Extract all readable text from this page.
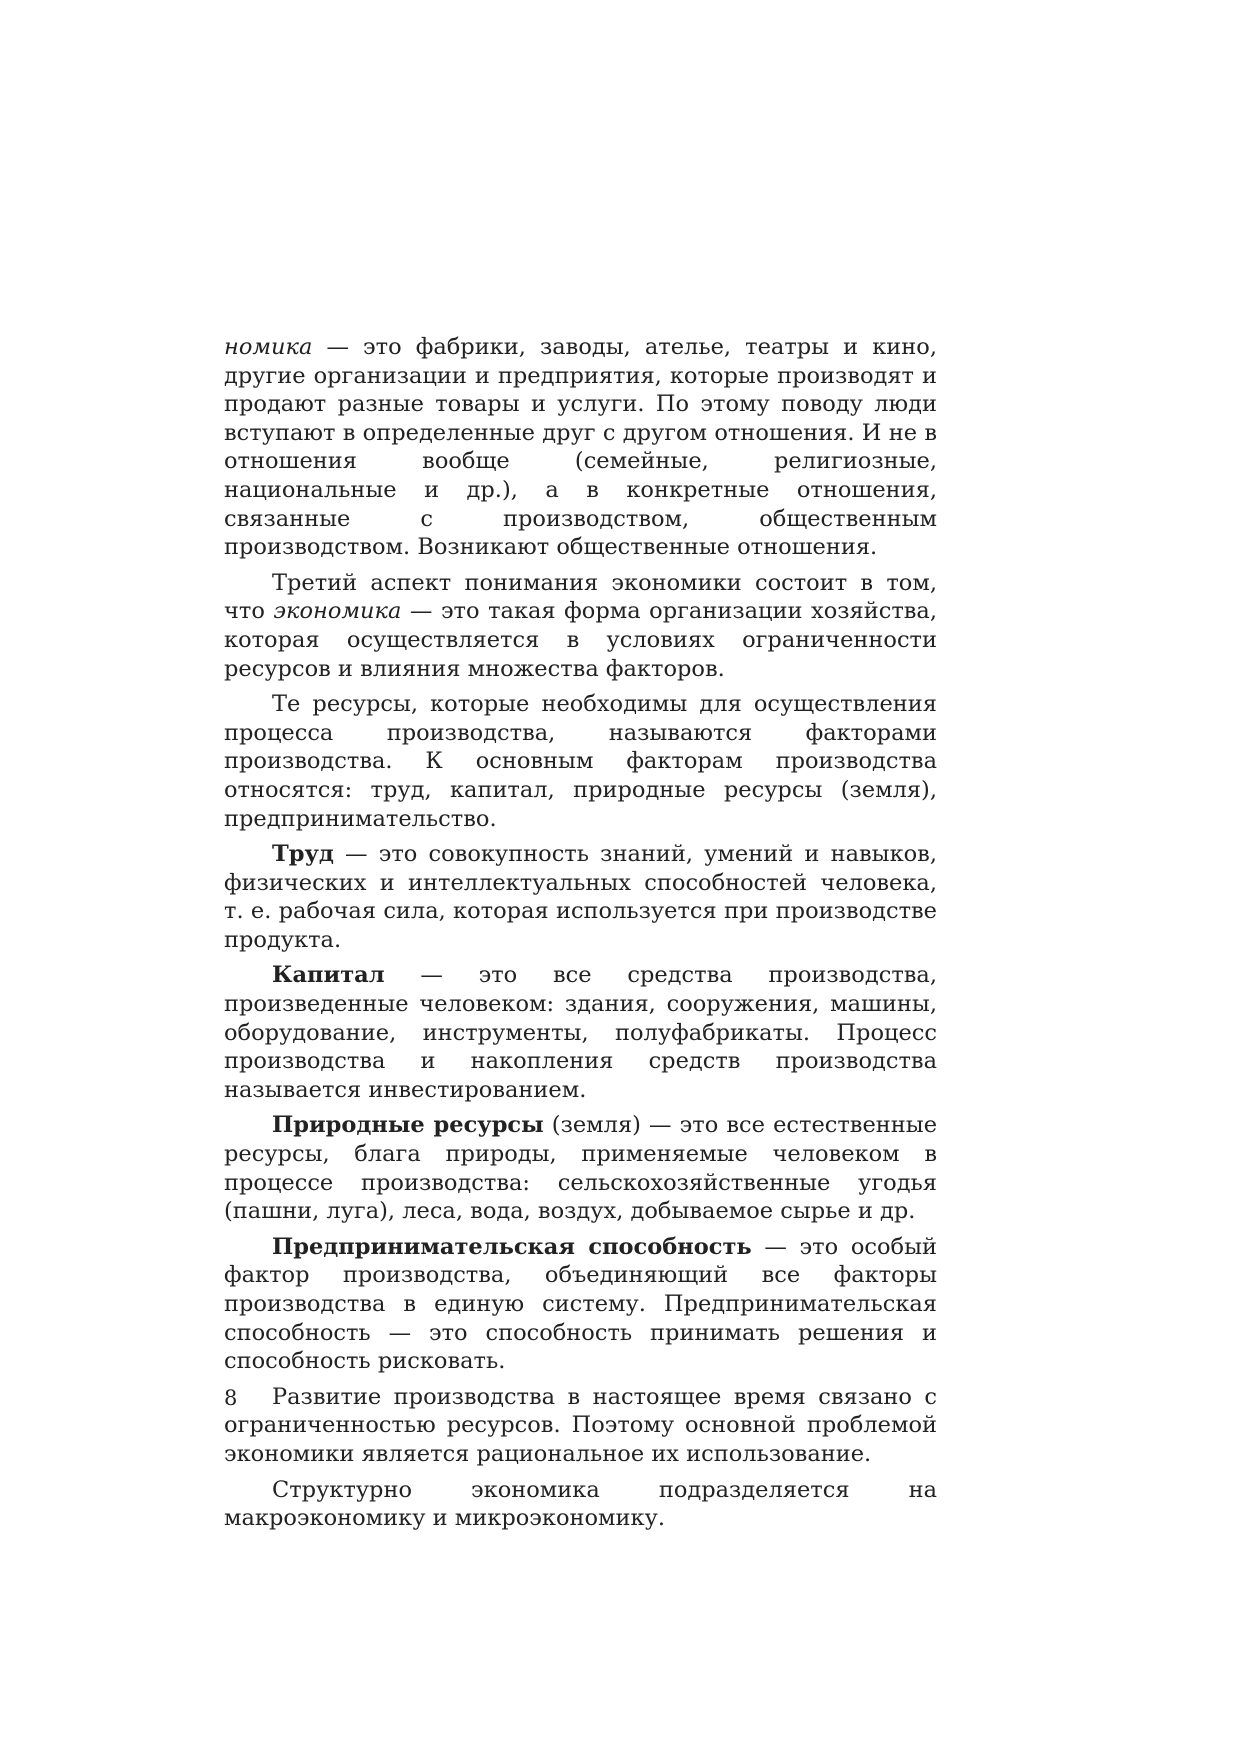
номика — это фабрики, заводы, ателье, театры и кино, другие организации и предприятия, которые производят и продают разные товары и услуги. По этому поводу люди вступают в определенные друг с другом отношения. И не в отношения вообще (семейные, религиозные, национальные и др.), а в конкретные отношения, связанные с производством, общественным производством. Возникают общественные отношения.

Третий аспект понимания экономики состоит в том, что экономика — это такая форма организации хозяйства, которая осуществляется в условиях ограниченности ресурсов и влияния множества факторов.

Те ресурсы, которые необходимы для осуществления процесса производства, называются факторами производства. К основным факторам производства относятся: труд, капитал, природные ресурсы (земля), предпринимательство.

Труд — это совокупность знаний, умений и навыков, физических и интеллектуальных способностей человека, т. е. рабочая сила, которая используется при производстве продукта.

Капитал — это все средства производства, произведенные человеком: здания, сооружения, машины, оборудование, инструменты, полуфабрикаты. Процесс производства и накопления средств производства называется инвестированием.

Природные ресурсы (земля) — это все естественные ресурсы, блага природы, применяемые человеком в процессе производства: сельскохозяйственные угодья (пашни, луга), леса, вода, воздух, добываемое сырье и др.

Предпринимательская способность — это особый фактор производства, объединяющий все факторы производства в единую систему. Предпринимательская способность — это способность принимать решения и способность рисковать.

Развитие производства в настоящее время связано с ограниченностью ресурсов. Поэтому основной проблемой экономики является рациональное их использование.

Структурно экономика подразделяется на макроэкономику и микроэкономику.

8
